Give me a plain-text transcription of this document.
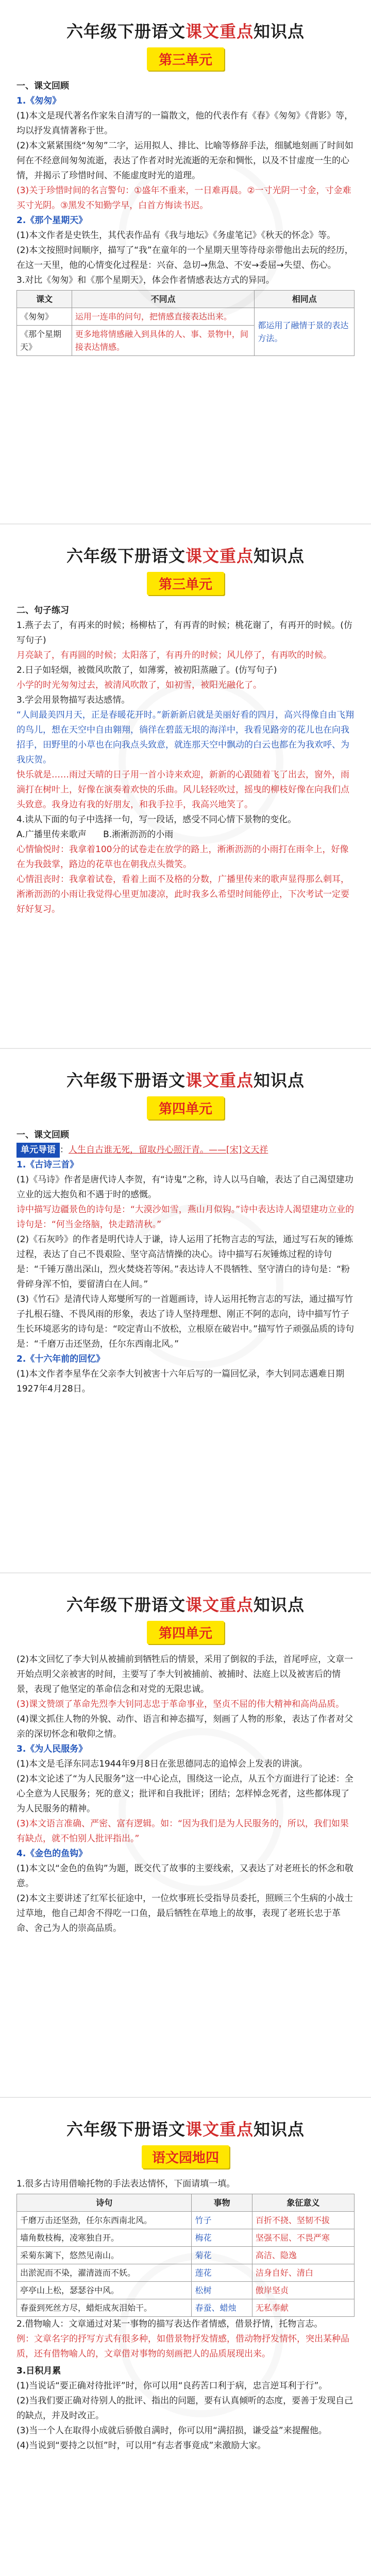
六年级下册语文课文重点知识点
第三单元

一、课文回顾

1.《匆匆》

(1)本文是现代著名作家朱自清写的一篇散文，他的代表作有《春》《匆匆》《背影》等，均以抒发真情著称于世。

(2)本文紧紧围绕“匆匆”二字，运用拟人、排比、比喻等修辞手法，细腻地刻画了时间如何在不经意间匆匆流逝，表达了作者对时光流逝的无奈和惆怅，以及不甘虚度一生的心情，并揭示了珍惜时间、不能虚度时光的道理。

(3)关于珍惜时间的名言警句：①盛年不重来，一日难再晨。②一寸光阴一寸金，寸金难买寸光阴。③黑发不知勤学早，白首方悔读书迟。

2.《那个星期天》

(1)本文作者是史铁生，其代表作品有《我与地坛》《务虚笔记》《秋天的怀念》等。

(2)本文按照时间顺序，描写了“我”在童年的一个星期天里等待母亲带他出去玩的经历，在这一天里，他的心情变化过程是：兴奋、急切→焦急、不安→委屈→失望、伤心。

3.对比《匆匆》和《那个星期天》，体会作者情感表达方式的异同。

课文	不同点	相同点
《匆匆》	运用一连串的问句，把情感直接表达出来。	都运用了融情于景的表达方法。
《那个星期天》	更多地将情感融入到具体的人、事、景物中，间接表达情感。	
六年级下册语文课文重点知识点
第三单元

二、句子练习

1.燕子去了，有再来的时候；杨柳枯了，有再青的时候；桃花谢了，有再开的时候。(仿写句子)

月亮缺了，有再圆的时候；太阳落了，有再升的时候；风儿停了，有再吹的时候。

2.日子如轻烟，被微风吹散了，如薄雾，被初阳蒸融了。(仿写句子)

小学的时光匆匆过去，被清风吹散了，如初雪，被阳光融化了。

3.学会用景物描写表达感情。

“人间最美四月天，正是春暖花开时。”新新新启就是美丽好看的四月，高兴得像自由飞翔的鸟儿，想在天空中自由翱翔，徜徉在碧蓝无垠的海洋中，我看见路旁的花儿也在向我招手，田野里的小草也在向我点头致意，就连那天空中飘动的白云也都在为我欢呼、为我庆贺。

快乐就是……雨过天晴的日子用一首小诗来欢迎，新新的心跟随着飞了出去，窗外，雨滴打在树叶上，好像在演奏着欢快的乐曲。风儿轻轻吹过，摇曳的柳枝好像在向我们点头致意。我身边有我的好朋友，和我手拉手，我高兴地笑了。

4.读从下面的句子中选择一句，写一段话，感受不同心情下景物的变化。

A.广播里传来歌声 B.淅淅沥沥的小雨

心情愉悦时：我拿着100分的试卷走在放学的路上，淅淅沥沥的小雨打在雨伞上，好像在为我鼓掌，路边的花草也在朝我点头微笑。

心情沮丧时：我拿着试卷，看着上面不及格的分数，广播里传来的歌声显得那么刺耳，淅淅沥沥的小雨让我觉得心里更加凄凉，此时我多么希望时间能停止，下次考试一定要好好复习。

六年级下册语文课文重点知识点
第四单元

一、课文回顾

单元导语 ：人生自古谁无死，留取丹心照汗青。——[宋]文天祥

1.《古诗三首》

(1)《马诗》作者是唐代诗人李贺，有“诗鬼”之称，诗人以马自喻，表达了自己渴望建功立业的远大抱负和不遇于时的感慨。

诗中描写边疆景色的诗句是：“大漠沙如雪，燕山月似钩。”诗中表达诗人渴望建功立业的诗句是：“何当金络脑，快走踏清秋。”

(2)《石灰吟》的作者是明代诗人于谦，诗人运用了托物言志的写法，通过写石灰的锤炼过程，表达了自己不畏艰险、坚守高洁情操的决心。诗中描写石灰锤炼过程的诗句是：“千锤万凿出深山，烈火焚烧若等闲。”表达诗人不畏牺牲、坚守清白的诗句是：“粉骨碎身浑不怕，要留清白在人间。”

(3)《竹石》是清代诗人郑燮所写的一首题画诗，诗人运用托物言志的写法，通过描写竹子扎根石缝、不畏风雨的形象，表达了诗人坚持理想、刚正不阿的志向，诗中描写竹子生长环境恶劣的诗句是：“咬定青山不放松，立根原在破岩中。”描写竹子顽强品质的诗句是：“千磨万击还坚劲，任尔东西南北风。”

2.《十六年前的回忆》

(1)本文作者李星华在父亲李大钊被害十六年后写的一篇回忆录，李大钊同志遇难日期1927年4月28日。

六年级下册语文课文重点知识点
第四单元

(2)本文回忆了李大钊从被捕前到牺牲后的情景，采用了倒叙的手法，首尾呼应，文章一开始点明父亲被害的时间，主要写了李大钊被捕前、被捕时、法庭上以及被害后的情景，表现了他坚定的革命信念和对党的无限忠诚。

(3)课文赞颂了革命先烈李大钊同志忠于革命事业，坚贞不屈的伟大精神和高尚品质。

(4)课文抓住人物的外貌、动作、语言和神态描写，刻画了人物的形象，表达了作者对父亲的深切怀念和敬仰之情。

3.《为人民服务》

(1)本文是毛泽东同志1944年9月8日在张思德同志的追悼会上发表的讲演。

(2)本文论述了“为人民服务”这一中心论点，围绕这一论点，从五个方面进行了论述：全心全意为人民服务；死的意义；批评和自我批评；团结；怎样悼念死者，这些都体现了为人民服务的精神。

(3)本文语言准确、严密、富有逻辑。如：“因为我们是为人民服务的，所以，我们如果有缺点，就不怕别人批评指出。”

4.《金色的鱼钩》

(1)本文以“金色的鱼钩”为题，既交代了故事的主要线索，又表达了对老班长的怀念和敬意。

(2)本文主要讲述了红军长征途中，一位炊事班长受指导员委托，照顾三个生病的小战士过草地，他自己却舍不得吃一口鱼，最后牺牲在草地上的故事，表现了老班长忠于革命、舍己为人的崇高品质。

六年级下册语文课文重点知识点
语文园地四

1.很多古诗用借喻托物的手法表达情怀，下面请填一填。

诗句	事物	象征意义
千磨万击还坚劲，任尔东西南北风。	竹子	百折不挠、坚韧不拔
墙角数枝梅，凌寒独自开。	梅花	坚强不屈、不畏严寒
采菊东篱下，悠然见南山。	菊花	高洁、隐逸
出淤泥而不染，濯清涟而不妖。	莲花	洁身自好、清白
亭亭山上松，瑟瑟谷中风。	松树	傲岸坚贞
春蚕到死丝方尽，蜡炬成灰泪始干。	春蚕、蜡烛	无私奉献

2.借物喻人：文章通过对某一事物的描写表达作者情感，借景抒情，托物言志。

例：文章名字的抒写方式有很多种，如借景物抒发情感，借动物抒发情怀，突出某种品质，还有借物喻人的，文章借对事物的刻画把人的品质展现出来。

3.日积月累

(1)当说话“要正确对待批评”时，你可以用“良药苦口利于病，忠言逆耳利于行”。

(2)当我们要正确对待别人的批评、指出的问题，要有认真倾听的态度，要善于发现自己的缺点，并及时改正。

(3)当一个人在取得小成就后骄傲自满时，你可以用“满招损，谦受益”来提醒他。

(4)当说到“要持之以恒”时，可以用“有志者事竟成”来激励大家。
